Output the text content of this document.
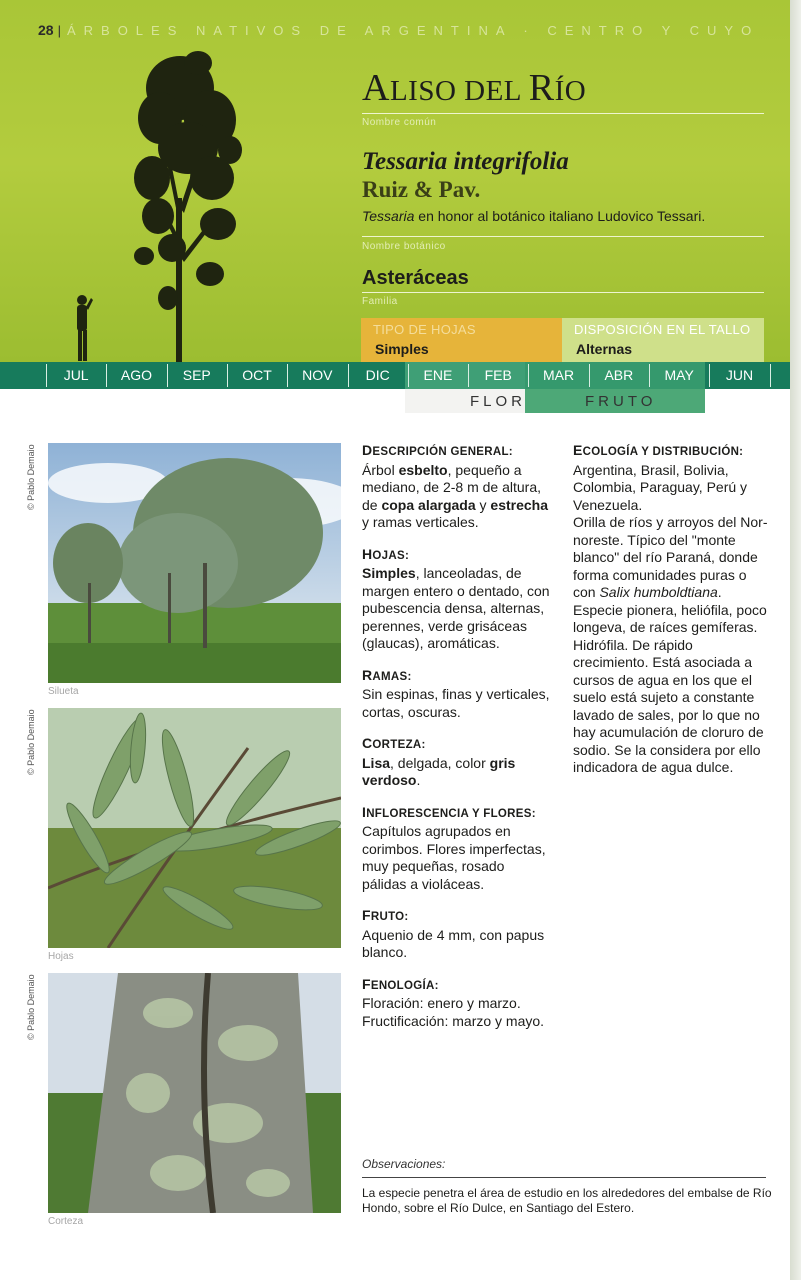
28 | ÁRBOLES NATIVOS DE ARGENTINA · CENTRO Y CUYO
ALISO DEL RÍO
Nombre común
Tessaria integrifolia
Ruiz & Pav.
Tessaria en honor al botánico italiano Ludovico Tessari.
Nombre botánico
Asteráceas
Familia
TIPO DE HOJAS
Simples
DISPOSICIÓN EN EL TALLO
Alternas
JUL	AGO	SEP	OCT	NOV	DIC	ENE	FEB	MAR	ABR	MAY	JUN
FLOR	FRUTO
Silueta
Hojas
Corteza
© Pablo Demaio
© Pablo Demaio
© Pablo Demaio

DESCRIPCIÓN GENERAL:

Árbol esbelto, pequeño a mediano, de 2-8 m de altura, de copa alargada y estrecha y ramas verticales.

HOJAS:

Simples, lanceoladas, de margen entero o dentado, con pubescencia densa, alternas, perennes, verde grisáceas (glaucas), aromáticas.

RAMAS:

Sin espinas, finas y verticales, cortas, oscuras.

CORTEZA:

Lisa, delgada, color gris verdoso.

INFLORESCENCIA Y FLORES:

Capítulos agrupados en corimbos. Flores imperfectas, muy pequeñas, rosado pálidas a violáceas.

FRUTO:

Aquenio de 4 mm, con papus blanco.

FENOLOGÍA:

Floración: enero y marzo.

Fructificación: marzo y mayo.

ECOLOGÍA Y DISTRIBUCIÓN:

Argentina, Brasil, Bolivia, Colombia, Paraguay, Perú y Venezuela.

Orilla de ríos y arroyos del Nor-noreste. Típico del "monte blanco" del río Paraná, donde forma comunidades puras o con Salix humboldtiana. Especie pionera, heliófila, poco longeva, de raíces gemíferas. Hidrófila. De rápido crecimiento. Está asociada a cursos de agua en los que el suelo está sujeto a constante lavado de sales, por lo que no hay acumulación de cloruro de sodio. Se la considera por ello indicadora de agua dulce.

Observaciones:
La especie penetra el área de estudio en los alrededores del embalse de Río Hondo, sobre el Río Dulce, en Santiago del Estero.
